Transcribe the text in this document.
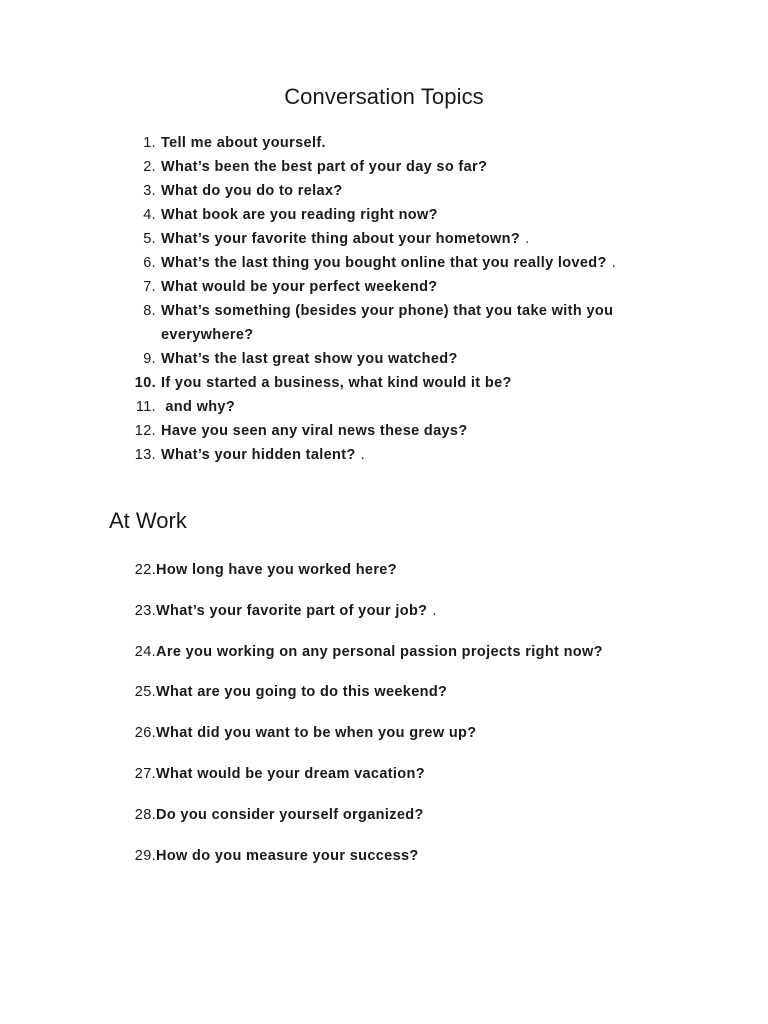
Conversation Topics
1. Tell me about yourself.
2. What’s been the best part of your day so far?
3. What do you do to relax?
4. What book are you reading right now?
5. What’s your favorite thing about your hometown? .
6. What’s the last thing you bought online that you really loved? .
7. What would be your perfect weekend?
8. What’s something (besides your phone) that you take with you
everywhere?
9. What’s the last great show you watched?
10. If you started a business, what kind would it be?
11. and why?
12. Have you seen any viral news these days?
13. What’s your hidden talent? .
At Work
22. How long have you worked here?
23. What’s your favorite part of your job? .
24. Are you working on any personal passion projects right now?
25. What are you going to do this weekend?
26. What did you want to be when you grew up?
27. What would be your dream vacation?
28. Do you consider yourself organized?
29. How do you measure your success?
